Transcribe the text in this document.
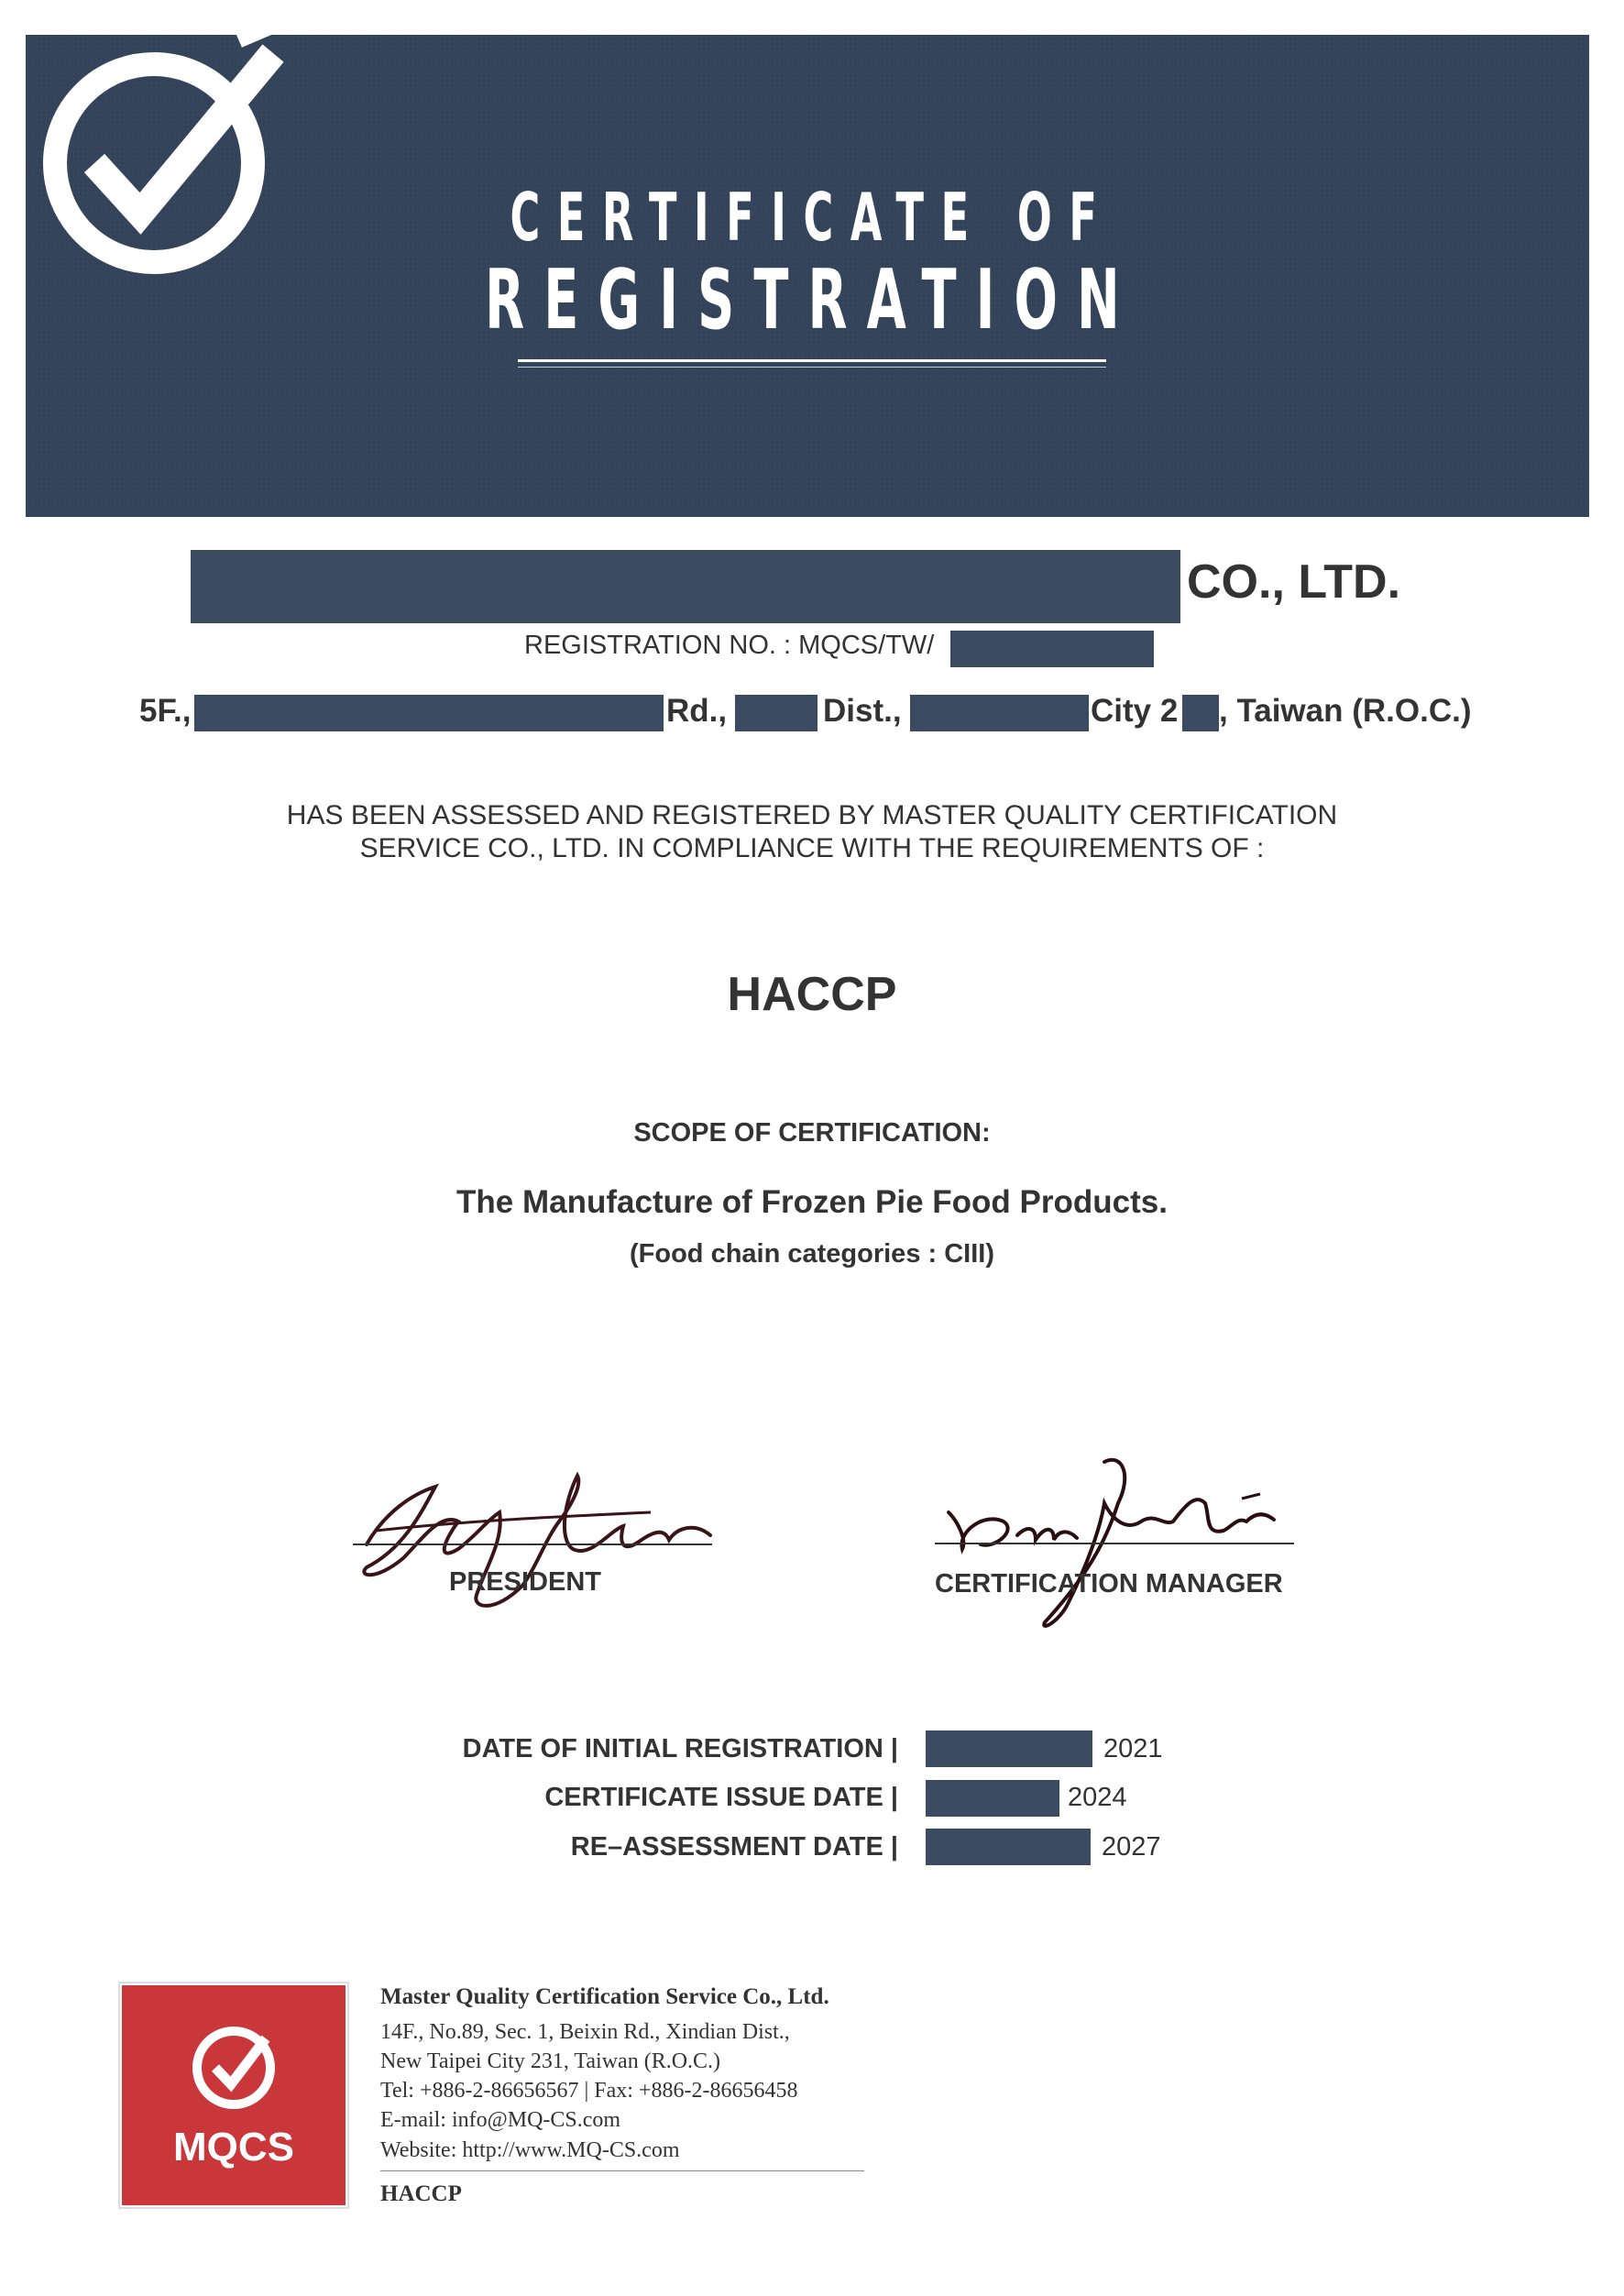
CERTIFICATE OF
REGISTRATION
CO., LTD.
REGISTRATION NO. : MQCS/TW/
5F.,	Rd.,	Dist.,	City 2 , Taiwan (R.O.C.)
HAS BEEN ASSESSED AND REGISTERED BY MASTER QUALITY CERTIFICATION
SERVICE CO., LTD. IN COMPLIANCE WITH THE REQUIREMENTS OF :
HACCP
SCOPE OF CERTIFICATION:
The Manufacture of Frozen Pie Food Products.
(Food chain categories : CIII)
PRESIDENT	CERTIFICATION MANAGER
DATE OF INITIAL REGISTRATION |	2021
CERTIFICATE ISSUE DATE |	2024
RE–ASSESSMENT DATE |	2027
MQCS
Master Quality Certification Service Co., Ltd.
14F., No.89, Sec. 1, Beixin Rd., Xindian Dist.,
New Taipei City 231, Taiwan (R.O.C.)
Tel: +886-2-86656567 | Fax: +886-2-86656458
E-mail: info@MQ-CS.com
Website: http://www.MQ-CS.com
HACCP
